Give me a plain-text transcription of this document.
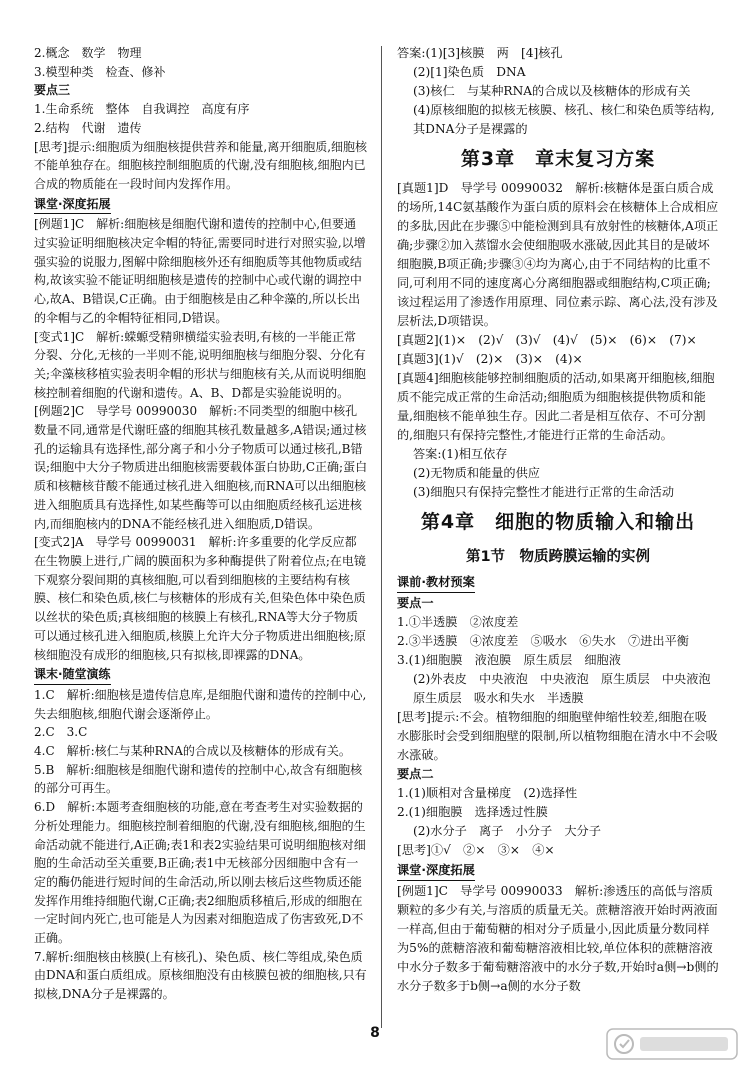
2.概念　数学　物理

3.模型种类　检查、修补

要点三

1.生命系统　整体　自我调控　高度有序

2.结构　代谢　遗传

[思考]提示:细胞质为细胞核提供营养和能量,离开细胞质,细胞核不能单独存在。细胞核控制细胞质的代谢,没有细胞核,细胞内已合成的物质能在一段时间内发挥作用。

课堂·深度拓展

[例题1]C　解析:细胞核是细胞代谢和遗传的控制中心,但要通过实验证明细胞核决定伞帽的特征,需要同时进行对照实验,以增强实验的说服力,图解中除细胞核外还有细胞质等其他物质或结构,故该实验不能证明细胞核是遗传的控制中心或代谢的调控中心,故A、B错误,C正确。由于细胞核是由乙种伞藻的,所以长出的伞帽与乙的伞帽特征相同,D错误。

[变式1]C　解析:蝾螈受精卵横缢实验表明,有核的一半能正常分裂、分化,无核的一半则不能,说明细胞核与细胞分裂、分化有关;伞藻核移植实验表明伞帽的形状与细胞核有关,从而说明细胞核控制着细胞的代谢和遗传。A、B、D都是实验能说明的。

[例题2]C　导学号 00990030　解析:不同类型的细胞中核孔数量不同,通常是代谢旺盛的细胞其核孔数量越多,A错误;通过核孔的运输具有选择性,部分离子和小分子物质可以通过核孔,B错误;细胞中大分子物质进出细胞核需要载体蛋白协助,C正确;蛋白质和核糖核苷酸不能通过核孔进入细胞核,而RNA可以出细胞核进入细胞质具有选择性,如某些酶等可以由细胞质经核孔运进核内,而细胞核内的DNA不能经核孔进入细胞质,D错误。

[变式2]A　导学号 00990031　解析:许多重要的化学反应都在生物膜上进行,广阔的膜面积为多种酶提供了附着位点;在电镜下观察分裂间期的真核细胞,可以看到细胞核的主要结构有核膜、核仁和染色质,核仁与核糖体的形成有关,但染色体中染色质以丝状的染色质;真核细胞的核膜上有核孔,RNA等大分子物质可以通过核孔进入细胞质,核膜上允许大分子物质进出细胞核;原核细胞没有成形的细胞核,只有拟核,即裸露的DNA。

课末·随堂演练

1.C　解析:细胞核是遗传信息库,是细胞代谢和遗传的控制中心,失去细胞核,细胞代谢会逐渐停止。

2.C　3.C

4.C　解析:核仁与某种RNA的合成以及核糖体的形成有关。

5.B　解析:细胞核是细胞代谢和遗传的控制中心,故含有细胞核的部分可再生。

6.D　解析:本题考查细胞核的功能,意在考查考生对实验数据的分析处理能力。细胞核控制着细胞的代谢,没有细胞核,细胞的生命活动就不能进行,A正确;表1和表2实验结果可说明细胞核对细胞的生命活动至关重要,B正确;表1中无核部分因细胞中含有一定的酶仍能进行短时间的生命活动,所以刚去核后这些物质还能发挥作用维持细胞代谢,C正确;表2细胞质移植后,形成的细胞在一定时间内死亡,也可能是人为因素对细胞造成了伤害致死,D不正确。

7.解析:细胞核由核膜(上有核孔)、染色质、核仁等组成,染色质由DNA和蛋白质组成。原核细胞没有由核膜包被的细胞核,只有拟核,DNA分子是裸露的。

答案:(1)[3]核膜　两　[4]核孔

(2)[1]染色质　DNA

(3)核仁　与某种RNA的合成以及核糖体的形成有关

(4)原核细胞的拟核无核膜、核孔、核仁和染色质等结构,其DNA分子是裸露的

第3章　章末复习方案

[真题1]D　导学号 00990032　解析:核糖体是蛋白质合成的场所,14C氨基酸作为蛋白质的原料会在核糖体上合成相应的多肽,因此在步骤⑤中能检测到具有放射性的核糖体,A项正确;步骤②加入蒸馏水会使细胞吸水涨破,因此其目的是破坏细胞膜,B项正确;步骤③④均为离心,由于不同结构的比重不同,可利用不同的速度离心分离细胞器或细胞结构,C项正确;该过程运用了渗透作用原理、同位素示踪、离心法,没有涉及层析法,D项错误。

[真题2](1)×　(2)√　(3)√　(4)√　(5)×　(6)×　(7)×

[真题3](1)√　(2)×　(3)×　(4)×

[真题4]细胞核能够控制细胞质的活动,如果离开细胞核,细胞质不能完成正常的生命活动;细胞质为细胞核提供物质和能量,细胞核不能单独生存。因此二者是相互依存、不可分割的,细胞只有保持完整性,才能进行正常的生命活动。

答案:(1)相互依存

(2)无物质和能量的供应

(3)细胞只有保持完整性才能进行正常的生命活动

第4章　细胞的物质输入和输出

第1节　物质跨膜运输的实例

课前·教材预案

要点一

1.①半透膜　②浓度差

2.③半透膜　④浓度差　⑤吸水　⑥失水　⑦进出平衡

3.(1)细胞膜　液泡膜　原生质层　细胞液

(2)外表皮　中央液泡　中央液泡　原生质层　中央液泡　原生质层　吸水和失水　半透膜

[思考]提示:不会。植物细胞的细胞壁伸缩性较差,细胞在吸水膨胀时会受到细胞壁的限制,所以植物细胞在清水中不会吸水涨破。

要点二

1.(1)顺相对含量梯度　(2)选择性

2.(1)细胞膜　选择透过性膜

(2)水分子　离子　小分子　大分子

[思考]①√　②×　③×　④×

课堂·深度拓展

[例题1]C　导学号 00990033　解析:渗透压的高低与溶质颗粒的多少有关,与溶质的质量无关。蔗糖溶液开始时两液面一样高,但由于葡萄糖的相对分子质量小,因此质量分数同样为5%的蔗糖溶液和葡萄糖溶液相比较,单位体积的蔗糖溶液中水分子数多于葡萄糖溶液中的水分子数,开始时a侧→b侧的水分子数多于b侧→a侧的水分子数

8
